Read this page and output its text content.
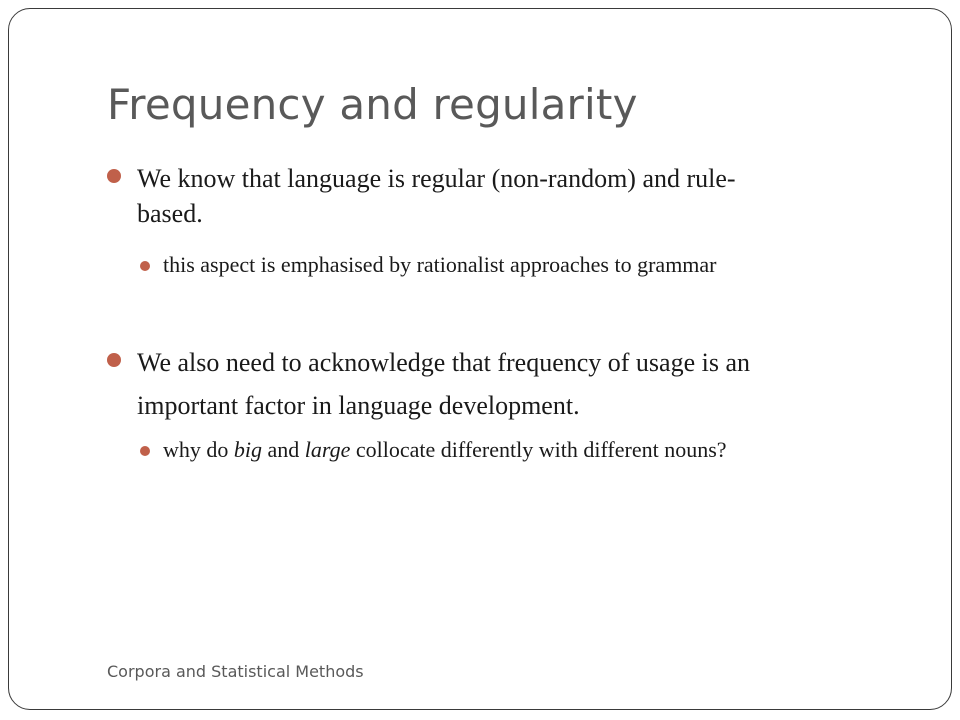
Frequency and regularity
We know that language is regular (non-random) and rule-
based.
this aspect is emphasised by rationalist approaches to grammar
We also need to acknowledge that frequency of usage is an
important factor in language development.
why do big and large collocate differently with different nouns?
Corpora and Statistical Methods
